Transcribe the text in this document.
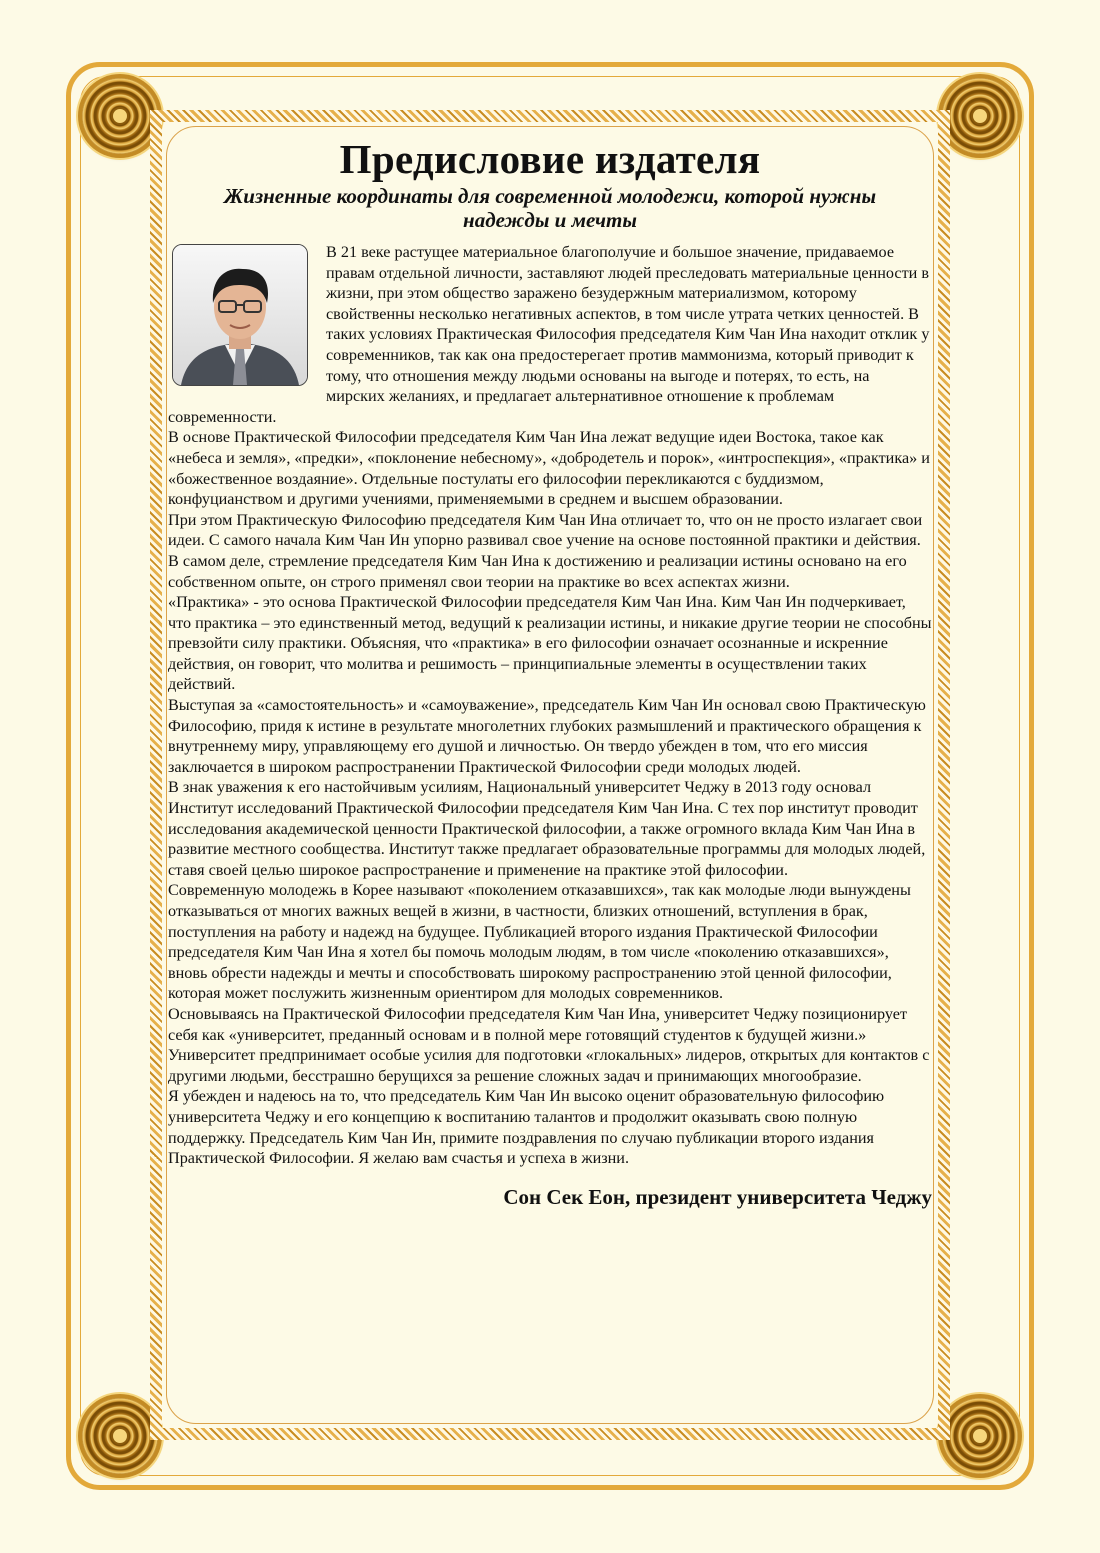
Предисловие издателя
Жизненные координаты для современной молодежи, которой нужны надежды и мечты

В 21 веке растущее материальное благополучие и большое значение, придаваемое правам отдельной личности, заставляют людей преследовать материальные ценности в жизни, при этом общество заражено безудержным материализмом, которому свойственны несколько негативных аспектов, в том числе утрата четких ценностей. В таких условиях Практическая Философия председателя Ким Чан Ина находит отклик у современников, так как она предостерегает против маммонизма, который приводит к тому, что отношения между людьми основаны на выгоде и потерях, то есть, на мирских желаниях, и предлагает альтернативное отношение к проблемам современности.

В основе Практической Философии председателя Ким Чан Ина лежат ведущие идеи Востока, такое как «небеса и земля», «предки», «поклонение небесному», «добродетель и порок», «интроспекция», «практика» и «божественное воздаяние». Отдельные постулаты его философии перекликаются с буддизмом, конфуцианством и другими учениями, применяемыми в среднем и высшем образовании.

При этом Практическую Философию председателя Ким Чан Ина отличает то, что он не просто излагает свои идеи. С самого начала Ким Чан Ин упорно развивал свое учение на основе постоянной практики и действия. В самом деле, стремление председателя Ким Чан Ина к достижению и реализации истины основано на его собственном опыте, он строго применял свои теории на практике во всех аспектах жизни.

«Практика» - это основа Практической Философии председателя Ким Чан Ина. Ким Чан Ин подчеркивает, что практика – это единственный метод, ведущий к реализации истины, и никакие другие теории не способны превзойти силу практики. Объясняя, что «практика» в его философии означает осознанные и искренние действия, он говорит, что молитва и решимость – принципиальные элементы в осуществлении таких действий.

Выступая за «самостоятельность» и «самоуважение», председатель Ким Чан Ин основал свою Практическую Философию, придя к истине в результате многолетних глубоких размышлений и практического обращения к внутреннему миру, управляющему его душой и личностью. Он твердо убежден в том, что его миссия заключается в широком распространении Практической Философии среди молодых людей.

В знак уважения к его настойчивым усилиям, Национальный университет Чеджу в 2013 году основал Институт исследований Практической Философии председателя Ким Чан Ина. С тех пор институт проводит исследования академической ценности Практической философии, а также огромного вклада Ким Чан Ина в развитие местного сообщества. Институт также предлагает образовательные программы для молодых людей, ставя своей целью широкое распространение и применение на практике этой философии.

Современную молодежь в Корее называют «поколением отказавшихся», так как молодые люди вынуждены отказываться от многих важных вещей в жизни, в частности, близких отношений, вступления в брак, поступления на работу и надежд на будущее. Публикацией второго издания Практической Философии председателя Ким Чан Ина я хотел бы помочь молодым людям, в том числе «поколению отказавшихся», вновь обрести надежды и мечты и способствовать широкому распространению этой ценной философии, которая может послужить жизненным ориентиром для молодых современников.

Основываясь на Практической Философии председателя Ким Чан Ина, университет Чеджу позиционирует себя как «университет, преданный основам и в полной мере готовящий студентов к будущей жизни.» Университет предпринимает особые усилия для подготовки «глокальных» лидеров, открытых для контактов с другими людьми, бесстрашно берущихся за решение сложных задач и принимающих многообразие.

Я убежден и надеюсь на то, что председатель Ким Чан Ин высоко оценит образовательную философию университета Чеджу и его концепцию к воспитанию талантов и продолжит оказывать свою полную поддержку. Председатель Ким Чан Ин, примите поздравления по случаю публикации второго издания Практической Философии. Я желаю вам счастья и успеха в жизни.

Сон Сек Еон, президент университета Чеджу
